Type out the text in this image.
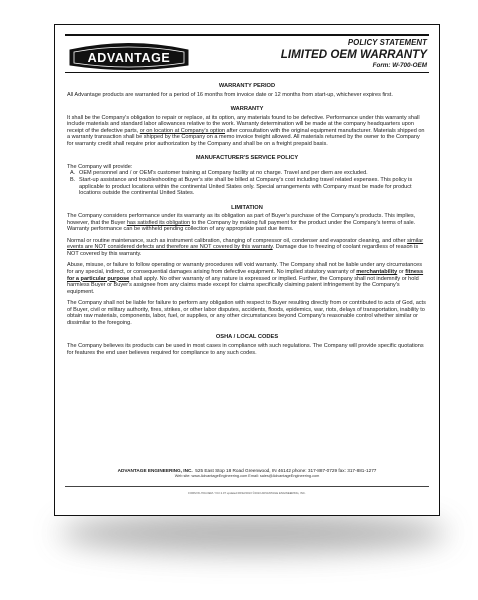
ADVANTAGE
POLICY STATEMENT
LIMITED OEM WARRANTY
Form: W-700-OEM
WARRANTY PERIOD

All Advantage products are warranted for a period of 16 months from invoice date or 12 months from start-up, whichever expires first.

WARRANTY

It shall be the Company's obligation to repair or replace, at its option, any materials found to be defective. Performance under this warranty shall include materials and standard labor allowances relative to the work. Warranty determination will be made at the company headquarters upon receipt of the defective parts, or on location at Company's option after consultation with the original equipment manufacturer. Materials shipped on a warranty transaction shall be shipped by the Company on a memo invoice freight allowed. All materials returned by the owner to the Company for warranty credit shall require prior authorization by the Company and shall be on a freight prepaid basis.

MANUFACTURER'S SERVICE POLICY
The Company will provide:
A. OEM personnel and / or OEM's customer training at Company facility at no charge. Travel and per diem are excluded.
B. Start-up assistance and troubleshooting at Buyer's site shall be billed at Company's cost including travel related expenses. This policy is applicable to product locations within the continental United States only. Special arrangements with Company must be made for product locations outside the continental United States.
LIMITATION

The Company considers performance under its warranty as its obligation as part of Buyer's purchase of the Company's products. This implies, however, that the Buyer has satisfied its obligation to the Company by making full payment for the product under the Company's terms of sale. Warranty performance can be withheld pending collection of any appropriate past due items.

Normal or routine maintenance, such as instrument calibration, changing of compressor oil, condenser and evaporator cleaning, and other similar events are NOT considered defects and therefore are NOT covered by this warranty. Damage due to freezing of coolant regardless of reason is NOT covered by this warranty.

Abuse, misuse, or failure to follow operating or warranty procedures will void warranty. The Company shall not be liable under any circumstances for any special, indirect, or consequential damages arising from defective equipment. No implied statutory warranty of merchantability or fitness for a particular purpose shall apply. No other warranty of any nature is expressed or implied. Further, the Company shall not indemnify or hold harmless Buyer or Buyer's assignee from any claims made except for claims specifically claiming patent infringement by the Company's equipment.

The Company shall not be liable for failure to perform any obligation with respect to Buyer resulting directly from or contributed to acts of God, acts of Buyer, civil or military authority, fires, strikes, or other labor disputes, accidents, floods, epidemics, war, riots, delays of transportation, inability to obtain raw materials, components, labor, fuel, or supplies, or any other circumstances beyond Company's reasonable control whether similar or dissimilar to the foregoing.

OSHA / LOCAL CODES

The Company believes its products can be used in most cases in compliance with such regulations. The Company will provide specific quotations for features the end user believes required for compliance to any such codes.

ADVANTAGE ENGINEERING, INC. 525 East Stop 18 Road Greenwood, IN 46142 phone: 317-887-0729 fax: 317-881-1277
Web site: www.AdvantageEngineering.com Email: sales@AdvantageEngineering.com
FORM W-700-OEM / VCI 2.07 updated 08/22/2013 ©2013 ADVANTAGE ENGINEERING, INC.
